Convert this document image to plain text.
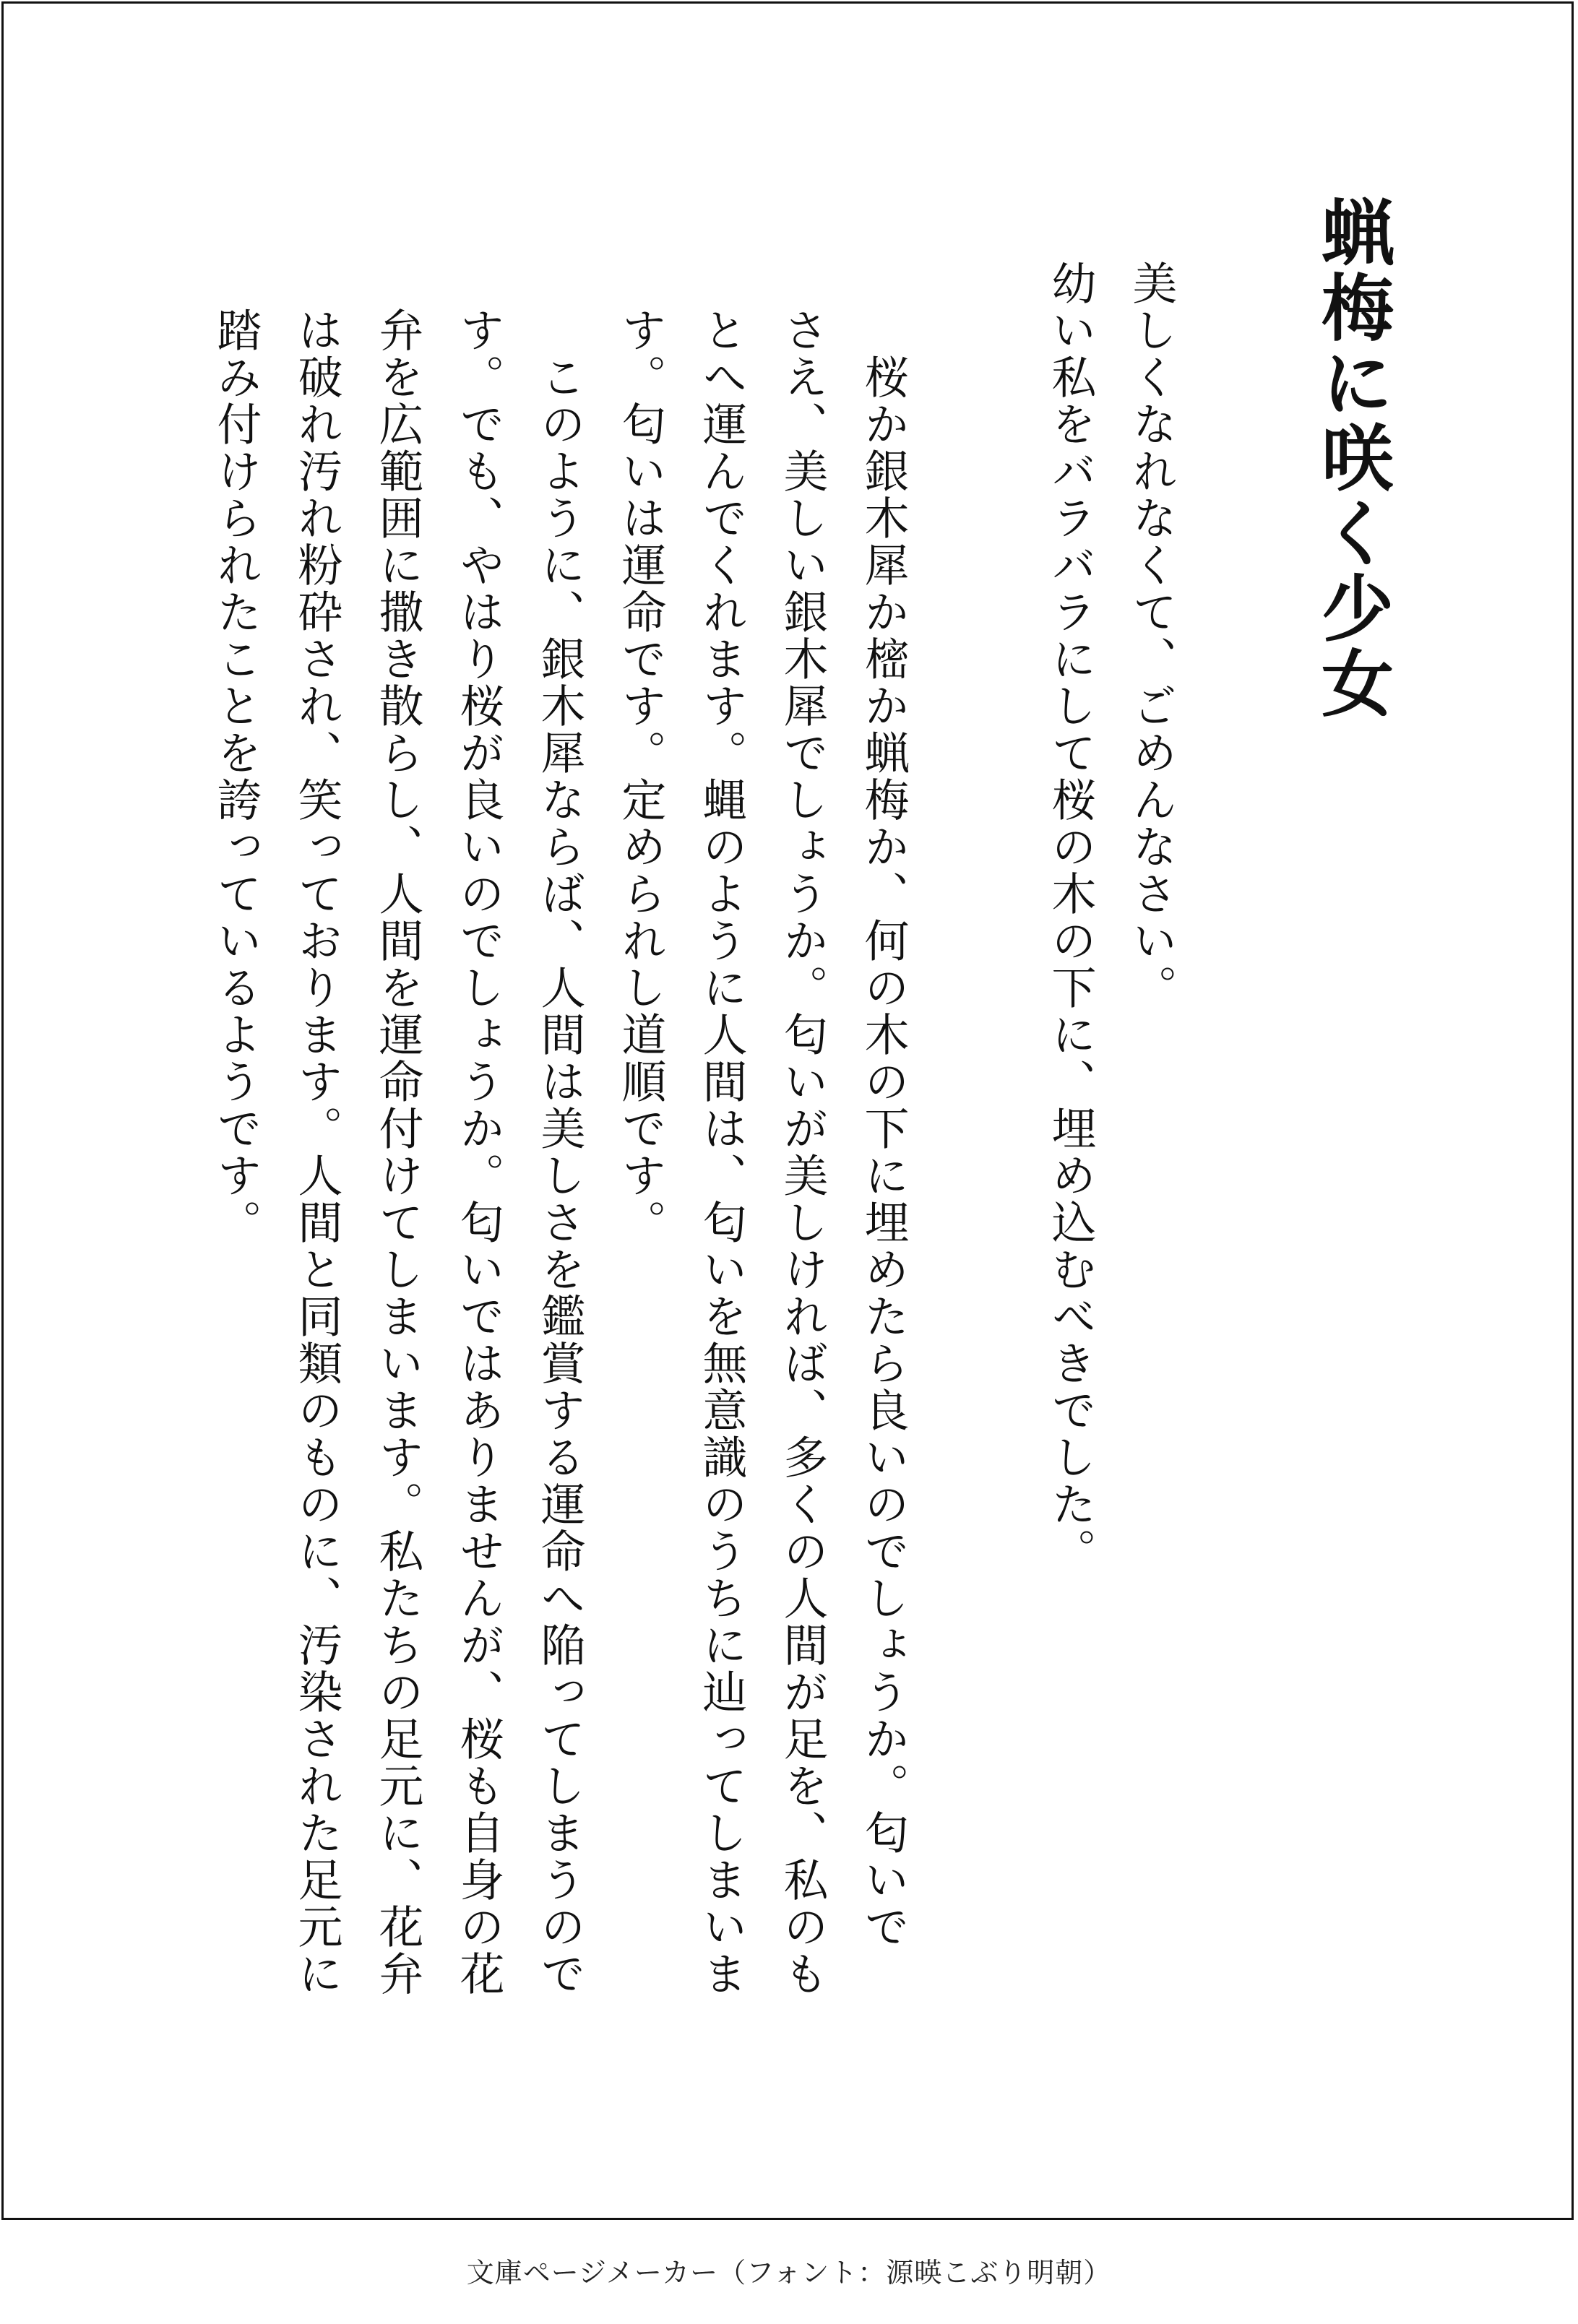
蝋梅に咲く少女

美しくなれなくて、ごめんなさい。

幼い私をバラバラにして桜の木の下に、埋め込むべきでした。

　桜か銀木犀か樒か蝋梅か、何の木の下に埋めたら良いのでしょうか。匂いで

さえ、美しい銀木犀でしょうか。匂いが美しければ、多くの人間が足を、私のも

とへ運んでくれます。蝿のように人間は、匂いを無意識のうちに辿ってしまいま

す。匂いは運命です。定められし道順です。

　このように、銀木犀ならば、人間は美しさを鑑賞する運命へ陥ってしまうので

す。でも、やはり桜が良いのでしょうか。匂いではありませんが、桜も自身の花

弁を広範囲に撒き散らし、人間を運命付けてしまいます。私たちの足元に、花弁

は破れ汚れ粉砕され、笑っております。人間と同類のものに、汚染された足元に

踏み付けられたことを誇っているようです。

文庫ページメーカー（フォント：源暎こぶり明朝）
